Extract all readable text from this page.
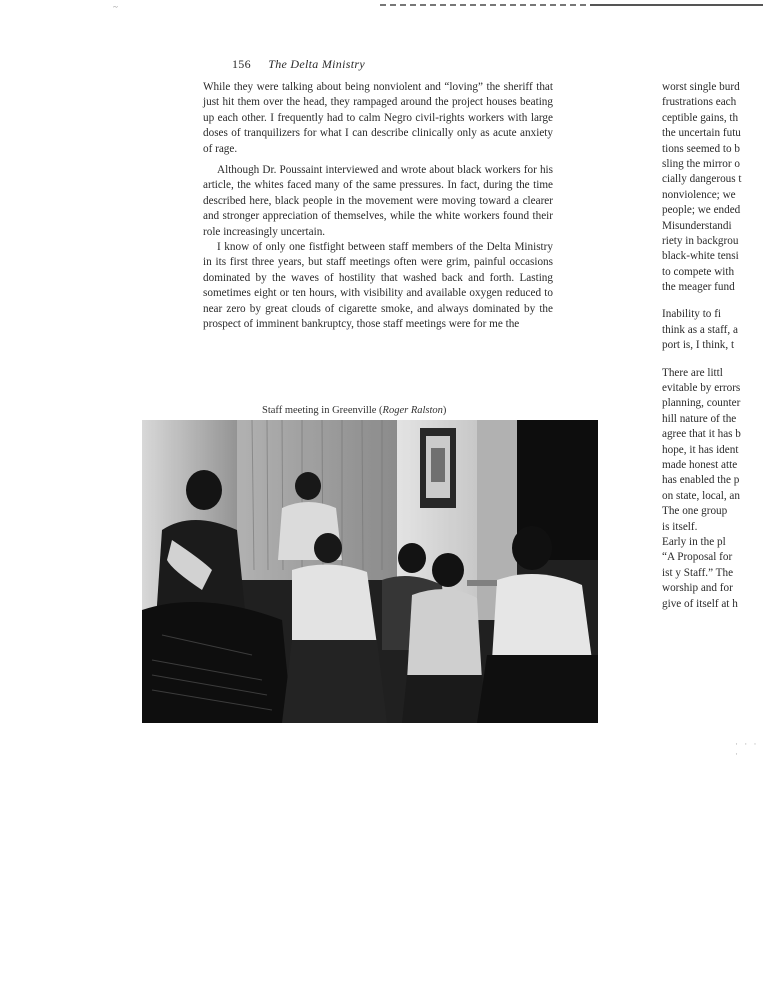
~
156 The Delta Ministry

While they were talking about being nonviolent and “loving” the sheriff that just hit them over the head, they rampaged around the project houses beating up each other. I frequently had to calm Negro civil-rights workers with large doses of tranquilizers for what I can describe clinically only as acute anxiety of rage.

Although Dr. Poussaint interviewed and wrote about black workers for his article, the whites faced many of the same pressures. In fact, during the time described here, black people in the movement were moving toward a clearer and stronger appreciation of themselves, while the white workers found their role increasingly uncertain.

I know of only one fistfight between staff members of the Delta Ministry in its first three years, but staff meetings often were grim, painful occasions dominated by the waves of hostility that washed back and forth. Lasting sometimes eight or ten hours, with visibility and available oxygen reduced to near zero by great clouds of cigarette smoke, and always dominated by the prospect of imminent bankruptcy, those staff meetings were for me the

Staff meeting in Greenville (Roger Ralston)
worst single burd
frustrations each
ceptible gains, th
the uncertain futu
tions seemed to b
sling the mirror o
cially dangerous t
nonviolence; we
people; we ended
Misunderstandi
riety in backgrou
black-white tensi
to compete with
the meager fund
Inability to fi
think as a staff, a
port is, I think, t
There are littl
evitable by errors
planning, counter
hill nature of the
agree that it has b
hope, it has ident
made honest atte
has enabled the p
on state, local, an
The one group
is itself.
Early in the pl
“A Proposal for
ist y Staff.” The
worship and for
give of itself at h
· · · ·
